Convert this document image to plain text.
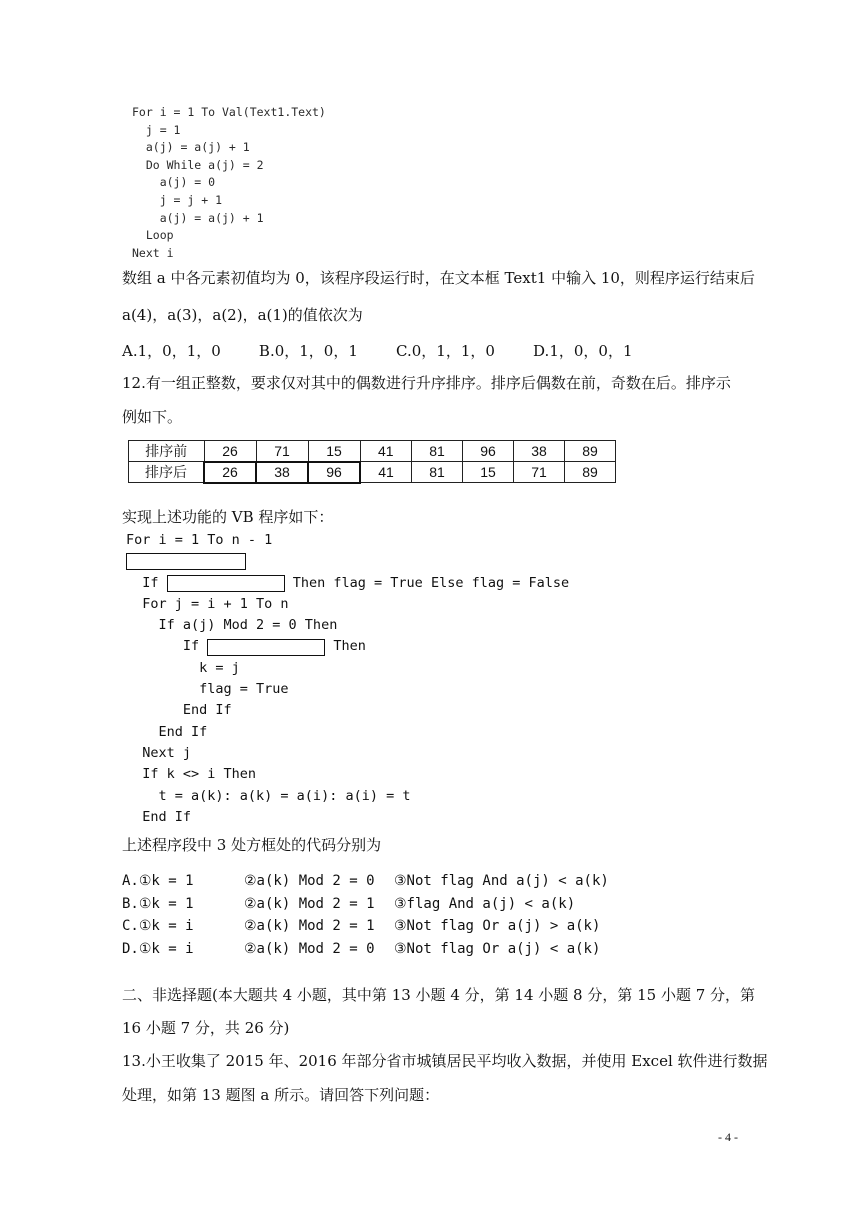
For i = 1 To Val(Text1.Text)
j = 1
a(j) = a(j) + 1
Do While a(j) = 2
a(j) = 0
j = j + 1
a(j) = a(j) + 1
Loop
Next i
数组 a 中各元素初值均为 0，该程序段运行时，在文本框 Text1 中输入 10，则程序运行结束后
a(4)，a(3)，a(2)，a(1)的值依次为
A.1，0，1，0        B.0，1，0，1        C.0，1，1，0        D.1，0，0，1
12.有一组正整数，要求仅对其中的偶数进行升序排序。排序后偶数在前，奇数在后。排序示
例如下。
排序前	26	71	15	41	81	96	38	89
排序后	26	38	96	41	81	15	71	89
实现上述功能的 VB 程序如下：
For i = 1 To n - 1
If	Then flag = True Else flag = False
For j = i + 1 To n
If a(j) Mod 2 = 0 Then
If	Then
k = j
flag = True
End If
End If
Next j
If k <> i Then
t = a(k): a(k) = a(i): a(i) = t
End If
上述程序段中 3 处方框处的代码分别为
A.①k = 1	②a(k) Mod 2 = 0	③Not flag And a(j) < a(k)
B.①k = 1	②a(k) Mod 2 = 1	③flag And a(j) < a(k)
C.①k = i	②a(k) Mod 2 = 1	③Not flag Or a(j) > a(k)
D.①k = i	②a(k) Mod 2 = 0	③Not flag Or a(j) < a(k)
二、非选择题(本大题共 4 小题，其中第 13 小题 4 分，第 14 小题 8 分，第 15 小题 7 分，第
16 小题 7 分，共 26 分)
13.小王收集了 2015 年、2016 年部分省市城镇居民平均收入数据，并使用 Excel 软件进行数据
处理，如第 13 题图 a 所示。请回答下列问题：
- 4 -
